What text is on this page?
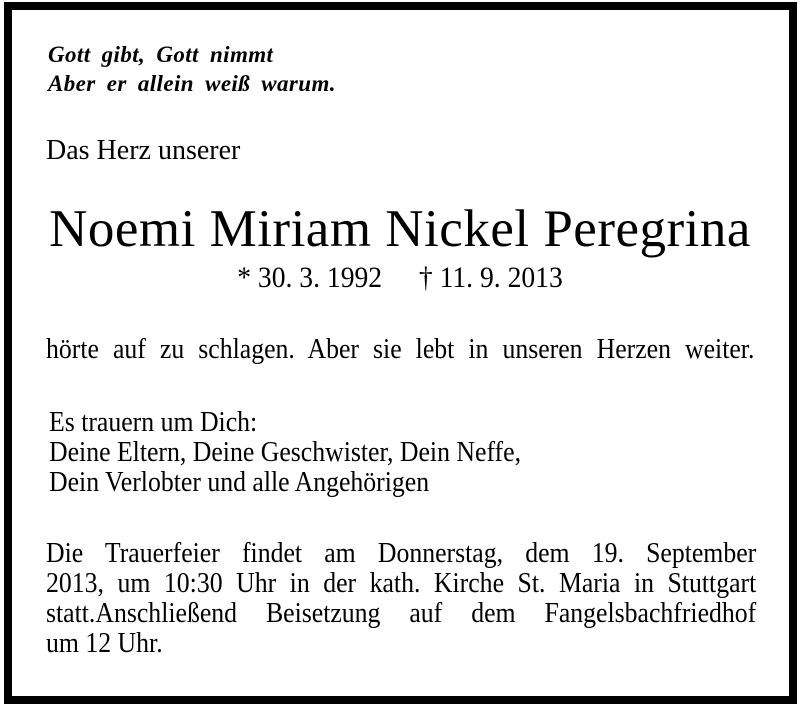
Gott gibt, Gott nimmt
Aber er allein weiß warum.
Das Herz unserer
Noemi Miriam Nickel Peregrina
* 30. 3. 1992 † 11. 9. 2013
hörte auf zu schlagen. Aber sie lebt in unseren Herzen weiter.
Es trauern um Dich:
Deine Eltern, Deine Geschwister, Dein Neffe,
Dein Verlobter und alle Angehörigen
Die Trauerfeier findet am Donnerstag, dem 19. September
2013, um 10:30 Uhr in der kath. Kirche St. Maria in Stuttgart
statt.Anschließend Beisetzung auf dem Fangelsbachfriedhof
um 12 Uhr.
